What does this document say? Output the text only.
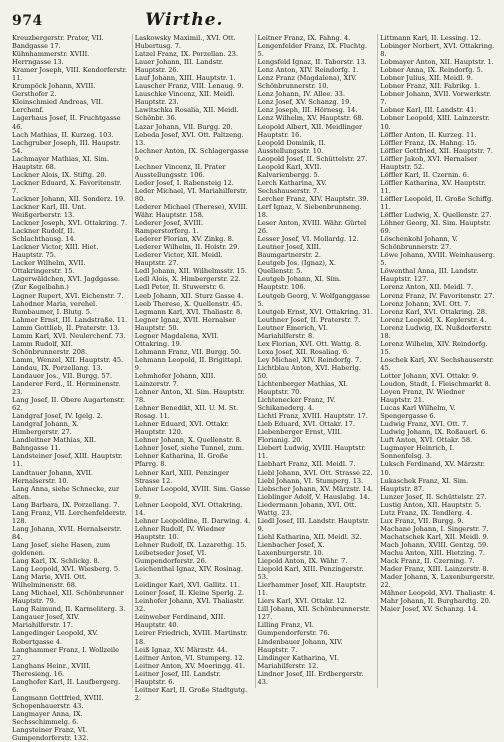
974	Wirthe.

Kreuzbergerstr. Prater, VII. Bandgasse 17.

Kühnhammerstr. XVIII. Herrngasse 13.

Kramer Joseph, VIII. Kendorferstr. 11.

Krumpöck Johann, XVIII. Gersthofer 2.

Kleinschmied Andreas, VII. Lerchenf.

Lagerhaus Josef, II. Fruchtgasse 46.

Lach Mathias, II. Kurzeg. 103.

Lachgruber Joseph, III. Haupstr. 54.

Lachmayer Mathias, XI. Sim. Hauptstr. 68.

Lackner Alois, IX. Stiftg. 20.

Lackner Eduard, X. Favoritenstr. 7.

Lackner Johann, XII. Sonderz. 19.

Lackner Karl, III. Unt. Weißgerberstr. 13.

Lackner Joseph, XVI. Ottakring. 7.

Lackner Rudolf, II. Schlachthausg. 14.

Lackner Victor, XIII. Hiet. Hauptstr. 75.

Lacker Wilhelm, XVII. Ottakringerstr. 15.

Lagerwäldchen, XVI. Jagdgasse. (Zur Kegelbahn.)

Lagner Rupert, XVI. Eichenstr. 7.

Lahodner Maria, verehel. Rumbaumer, I. Blutg. 5.

Lahmer Ernst, III. Landstraße. 11.

Lamm Gottlieb, II. Praterstr. 13.

Lamm Karl, XVI. Neulerchenf. 73.

Lamm Rudolf, XII. Schönbrunnerstr. 208.

Lamm, Wenzel, XII. Hauptstr. 45.

Landau, IX. Porzellang. 13.

Landauer Jos., VII. Burgg. 57.

Landerer Ferd., II. Herminenstr. 23.

Lang Josef, II. Obere Augartenstr. 62.

Landgraf Josef, IV. Igelg. 2.

Landgraf Johann, X. Himbergerstr. 27.

Landleitner Mathias, XII. Bahngasse 11.

Landsteiner Josef, XIII. Hauptstr. 11.

Landtauer Johann, XVII. Hernalserstr. 10.

Lang Anna, siehe Schnecke, zur alten.

Lang Barbara, IX. Porzellang. 7.

Lang Franz, VII. Lerchenfelderstr. 128.

Lang Johann, XVII. Hernalserstr. 84.

Lang Josef, siehe Hasen, zum goldenen.

Lang Karl, IX. Schlickg. 8.

Lang Leopold, XVI. Wiesberg. 5.

Lang Marie, XVII. Ott. Wilhelminenstr. 68.

Lang Michael, XII. Schönbrunner Hauptstr. 79.

Lang Raimund, II. Karmeliterg. 3.

Langauer Josef, XIV. Mariahilferstr. 17.

Langedinger Leopold, XV. Robertgasse 4.

Langhammer Franz, I. Wollzeile 27.

Langhans Heinr., XVIII. Theresieng. 16.

Langhofer Karl, II. Laufbergerg. 6.

Langmann Gottfried, XVIII. Schopenhauerstr. 43.

Langmayer Anna, IX. Sechsschimmelg. 6.

Langsteiner Franz, VI. Gumpendorferstr. 132.

Laskowsky Maximil., XVI. Ott. Hubertusg. 7.

Latzel Franz, IX. Porzellan. 23.

Lauer Johann, III. Landstr. Hauptstr. 26.

Lauf Johann, XIII. Hauptstr. 1.

Lauscher Franz, VIII. Lenaug. 9.

Lauschke Vincenz, XII. Meidl. Hauptstr. 23.

Lawitschka Rosalia, XII. Meidl. Schönbr. 36.

Lazar Johann, VII. Burgg. 20.

Lebeda Josef, XVI. Ott. Paltzeng. 13.

Lechner Anton, IX. Schlagergasse 9.

Lechner Vincenz, II. Prater Ausstellungsstr. 106.

Leder Josef, I. Rabensteig 12.

Leder Michael, VI. Mariahilferstr. 80.

Lederer Michael (Therese), XVIII. Währ. Hauptstr. 158.

Lederer Josef, XVIII. Ramperstorferg. 1.

Lederer Florian, XV. Zinkg. 8.

Lederer Wilhelm, II. Holstr. 29.

Lederer Victor, XII. Meidl. Hauptstr. 27.

Ledl Johann, XII. Wilhelmsstr. 15.

Ledl Alois, X. Himbergerstr. 22.

Ledl Peter, II. Stuwerstr. 6.

Leeb Johann, XII. Sturz Gasse 4.

Leeb Therese, X. Quellenstr. 45.

Legmann Karl, XVI. Thaliastr. 8.

Legner Ignaz, XVII. Hernalser Hauptstr. 50.

Legner Magdalena, XVII. Ottakring. 19.

Lehmann Franz, VII. Burgg. 50.

Lehmann Leopold, II. Brigittapl. 9.

Lehmhofer Johann, XIII. Lainzerstr. 7.

Lehner Anton, XI. Sim. Hauptstr. 78.

Lehner Benedikt, XII. U. M. St. Rosag. 11.

Lehner Eduard, XVI. Ottakr. Hauptstr. 120.

Lehner Johann, X. Quellenstr. 8.

Lehner Josef, siehe Tunnel, zum.

Lehner Katharina, II. Große Pfarrg. 8.

Lehner Karl, XIII. Penzinger Strasse 12.

Lehner Leopold, XVIII. Sim. Gasse 9.

Lehner Leopold, XVI. Ottakring. 14.

Lehner Leopoldine, II. Darwing. 4.

Lehner Rudolf, IV. Wiedner Hauptstr. 10.

Lehner Rudolf, IX. Lazarethg. 15.

Leibetseder Josef, VI. Gumpendorferstr. 26.

Leichenthal Ignaz, XIV. Rosinag. 3.

Leidinger Karl, XVI. Gallitz. 11.

Leiner Josef, II. Kleine Sperlg. 2.

Leinhofer Johann, XVI. Thaliastr. 32.

Leinweber Ferdinand, XIII. Hauptstr. 40.

Leirer Friedrich, XVIII. Martinstr. 18.

Leiß Ignaz, XV. Märzstr. 44.

Leitner Anton, VI. Stumperg. 12.

Leitner Anton, XV. Moeringg. 41.

Leitner Josef, III. Landstr. Hauptstr. 6.

Leitner Karl, II. Große Stadtgutg. 2.

Leitner Franz, IX. Fahng. 4.

Lengenfelder Franz, IX. Fluchtg. 5.

Lengsfeld Ignaz, II. Taborstr. 13.

Lenz Anton, XIV. Reindorfg. 1.

Lenz Franz (Magdalena), XIV. Schönbrunnerstr. 10.

Lenz Johann, IV. Allee. 33.

Lenz Josef, XV. Schanzg. 19.

Lenz Joseph, III. Hörnesg. 14.

Lenz Wilhelm, XV. Hauptstr. 68.

Leopold Albert, XII. Meidlinger Hauptstr. 16.

Leopold Dominik, II. Ausstellungsstr. 10.

Leopold Josef, II. Schüttelstr. 27.

Leopold Karl, XVII. Kalvarienbergg. 5.

Lerch Katharina, XV. Sechshauserstr. 7.

Lercher Franz, XIV. Hauptstr. 39.

Lerf Ignaz, V. Siebenbrunneng. 18.

Leser Anton, XVIII. Währ. Gürtel 26.

Lesser Josef, VI. Mollardg. 12.

Leutner Josef, XIII. Baumgartnerstr. 2.

Leutgeb Jos. (Ignaz), X. Quellenstr. 5.

Leutgeb Johann, XI. Sim. Hauptstr. 106.

Leutgeb Georg, V. Wolfganggasse 5.

Leutgeb Ernst, XVI. Ottakring. 31.

Leuthner Josef, II. Praterstr. 7.

Leutner Emerich, VI. Mariahilferstr. 8.

Lex Florian, XVI. Ott. Wattg. 8.

Lexa Josef, XII. Rosaliag. 6.

Ley Michael, XIV. Reindorfg. 7.

Lichtblau Anton, XVI. Haberlg. 50.

Lichtenberger Mathias, XI. Hauptstr. 70.

Lichtenecker Franz, IV. Schikanederg. 4.

Lichtl Franz, XVIII. Hauptstr. 17.

Lieb Eduard, XVI. Ottakr. 17.

Liebenberger Ernst, VIII. Florianig. 20.

Liebert Ludwig, XVIII. Hauptstr. 11.

Liebhart Franz, XII. Meidl. 7.

Liebl Johann, XVI. Ott. Strasse 22.

Liebl Johann, VI. Stumperg. 13.

Liebscher Johann, XV. Märzstr. 14.

Lieblinger Adolf, V. Hauslabg. 14.

Liedermann Johann, XVI. Ott. Wattg. 23.

Liedl Josef, III. Landstr. Hauptstr. 9.

Liehl Katharina, XII. Meidl. 32.

Lienbacher Josef, X. Laxenburgerstr. 10.

Liepold Anton, IX. Währ. 7.

Liepold Karl, XIII. Penzingerstr. 53.

Lierhammer Josef, XII. Hauptstr. 11.

Liers Karl, XVI. Ottakr. 12.

Lill Johann, XII. Schönbrunnerstr. 127.

Lilling Franz, VI. Gumpendorferstr. 76.

Lindenbauer Johann, XIV. Hauptstr. 7.

Lindinger Katharina, VI. Mariahilferstr. 12.

Lindner Josef, III. Erdbergerstr. 43.

Littmann Karl, II. Lessing. 12.

Lobinger Norbert, XVI. Ottakring. 8.

Lobmayer Anton, XII. Hauptstr. 1.

Lobner Anna, IX. Reindorfg. 5.

Lobner Julius, XII. Meidl. 9.

Lobner Franz, XII. Fabrikg. 1.

Lobner Johann, XVII. Vorwerkstr. 7.

Lobner Karl, III. Landstr. 41.

Lobner Leopold, XIII. Lainzerstr. 10.

Löffler Anton, II. Kurzeg. 11.

Löffler Franz, IX. Hahng. 15.

Löffler Gottfried, XII. Hauptstr. 7.

Löffler Jakob, XVI. Hernalser Hauptstr. 52.

Löffler Karl, II. Czernin. 6.

Löffler Katharina, XV. Hauptstr. 11.

Löffler Leopold, II. Große Schiffg. 11.

Löffler Ludwig, X. Quellenstr. 27.

Löhner Georg, XI. Sim. Hauptstr. 69.

Löschenkohl Johann, V. Schönbrunnerstr. 27.

Löwe Johann, XVIII. Weinhauserg. 5.

Löwenthal Anna, III. Landstr. Hauptstr. 127.

Lorenz Anton, XII. Meidl. 7.

Lorenz Franz, IV. Favoritenstr. 27.

Lorenz Johann, XVI. Ott. 7.

Lorenz Karl, XVI. Ottakring. 28.

Lorenz Leopold, X. Keplerstr. 4.

Lorenz Ludwig, IX. Nußdorferstr. 18.

Lorenz Wilhelm, XIV. Reindorfg. 15.

Loschek Karl, XV. Sechshauserstr. 45.

Lotter Johann, XVI. Ottakr. 9.

Loudon, Stadt, I. Fleischmarkt 8.

Loyen Franz, IV. Wiedner Hauptstr. 21.

Lucas Karl Wilhelm, V. Spengergasse 6.

Ludwig Franz, XVI. Ott. 7.

Ludwig Johann, IX. Roßauerl. 6.

Luft Anton, XVI. Ottakr. 58.

Lugmayer Heinrich, I. Sonnenfelsg. 3.

Luksch Ferdinand, XV. Märzstr. 10.

Lukaschek Franz, XI. Sim. Hauptstr. 87.

Lunzer Josef, II. Schüttelstr. 27.

Lustig Anton, XII. Hauptstr. 5.

Lutz Franz, IX. Tendlerg. 4.

Lux Franz, VII. Burgg. 9.

Machane Johann, I. Singerstr. 7.

Machatschek Karl, XII. Meidl. 9.

Mach Johann, XVIII. Gentzg. 59.

Machu Anton, XIII. Hietzing. 7.

Mack Franz, II. Czerning. 7.

Mader Franz, XIII. Lainzerstr. 8.

Mader Johann, X. Laxenburgerstr. 22.

Mähner Leopold, XVI. Thaliastr. 4.

Mahr Johann, II. Burghardtg. 20.

Maier Josef, XV. Schanzg. 14.
